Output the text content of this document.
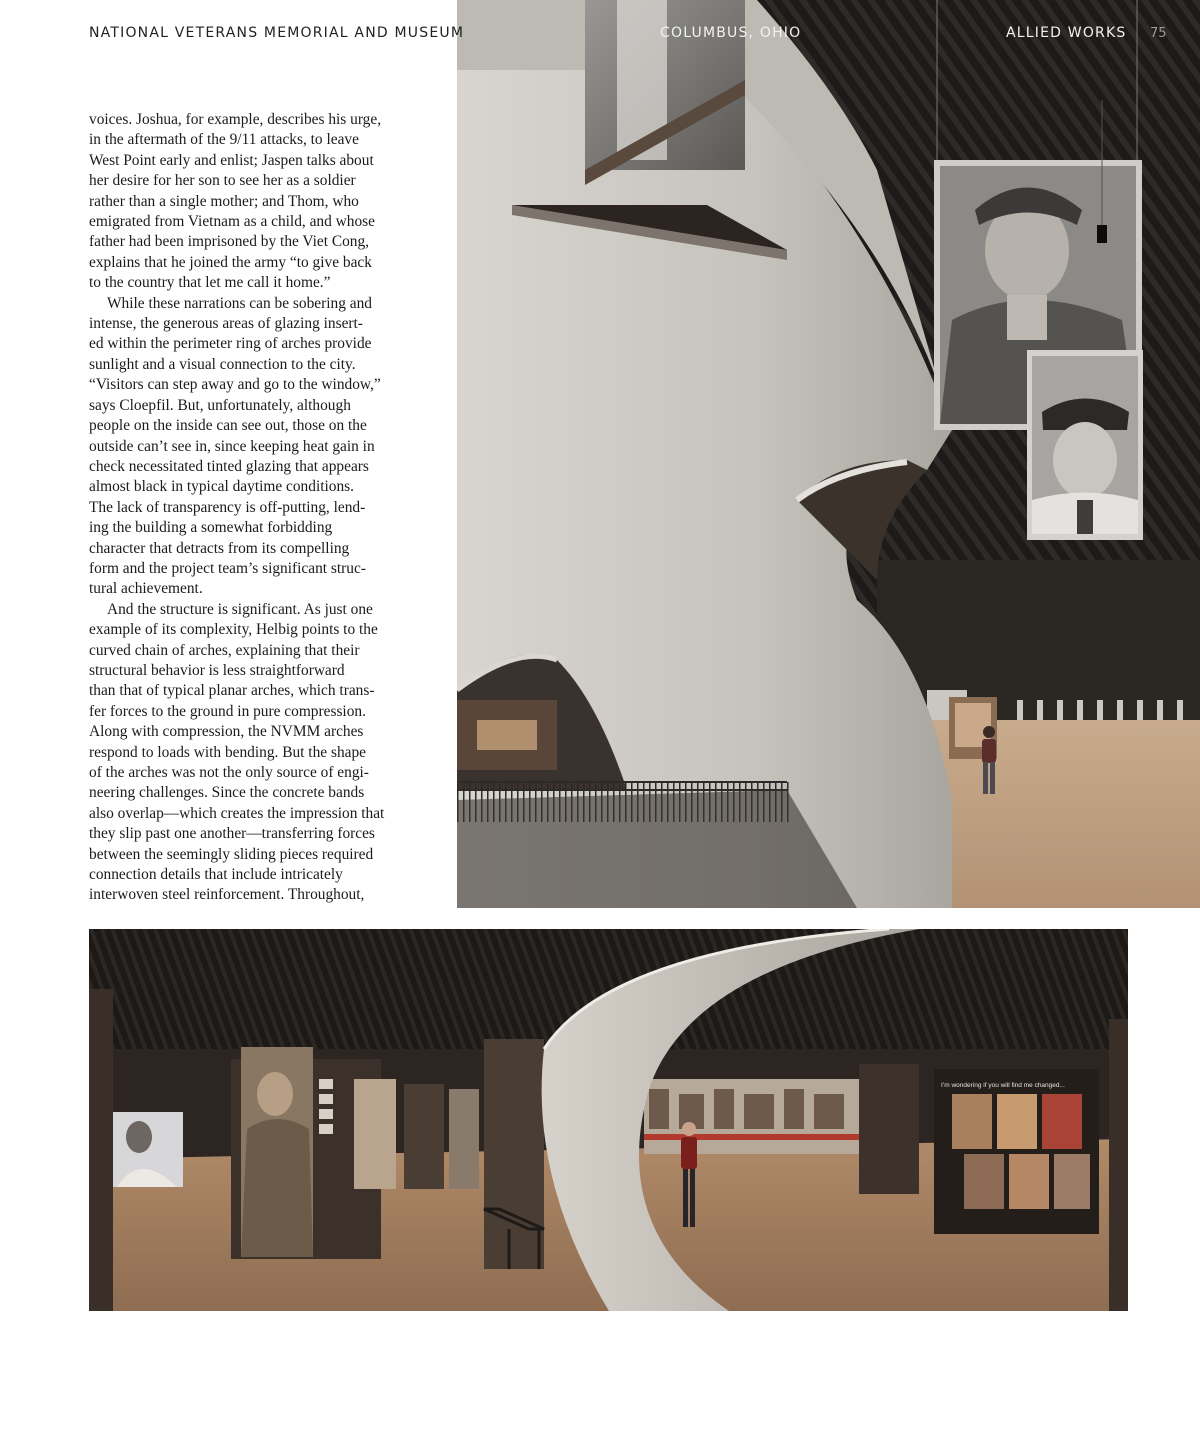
NATIONAL VETERANS MEMORIAL AND MUSEUM	COLUMBUS, OHIO	ALLIED WORKS 75
voices. Joshua, for example, describes his urge,
in the aftermath of the 9/11 attacks, to leave
West Point early and enlist; Jaspen talks about
her desire for her son to see her as a soldier
rather than a single mother; and Thom, who
emigrated from Vietnam as a child, and whose
father had been imprisoned by the Viet Cong,
explains that he joined the army “to give back
to the country that let me call it home.”
While these narrations can be sobering and
intense, the generous areas of glazing insert-
ed within the perimeter ring of arches provide
sunlight and a visual connection to the city.
“Visitors can step away and go to the window,”
says Cloepfil. But, unfortunately, although
people on the inside can see out, those on the
outside can’t see in, since keeping heat gain in
check necessitated tinted glazing that appears
almost black in typical daytime conditions.
The lack of transparency is off-putting, lend-
ing the building a somewhat forbidding
character that detracts from its compelling
form and the project team’s significant struc-
tural achievement.
And the structure is significant. As just one
example of its complexity, Helbig points to the
curved chain of arches, explaining that their
structural behavior is less straightforward
than that of typical planar arches, which trans-
fer forces to the ground in pure compression.
Along with compression, the NVMM arches
respond to loads with bending. But the shape
of the arches was not the only source of engi-
neering challenges. Since the concrete bands
also overlap—which creates the impression that
they slip past one another—transferring forces
between the seemingly sliding pieces required
connection details that include intricately
interwoven steel reinforcement. Throughout,
I’m wondering if you will find me changed...
